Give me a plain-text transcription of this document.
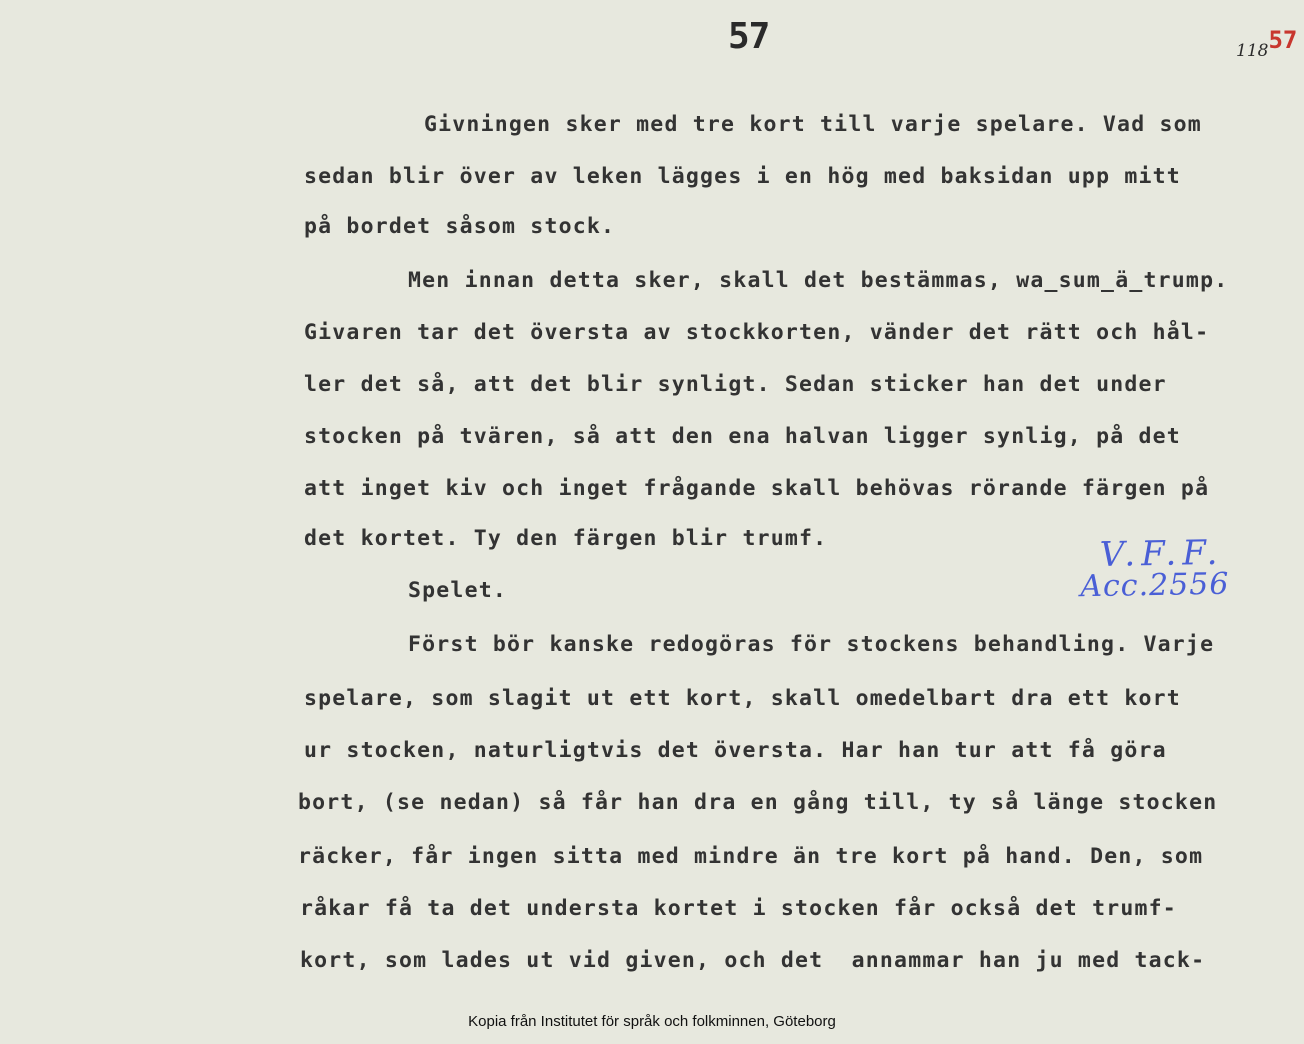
57	11857
Givningen sker med tre kort till varje spelare. Vad som
sedan blir över av leken lägges i en hög med baksidan upp mitt
på bordet såsom stock.
Men innan detta sker, skall det bestämmas, wa_sum_ä_trump.
Givaren tar det översta av stockkorten, vänder det rätt och hål-
ler det så, att det blir synligt. Sedan sticker han det under
stocken på tvären, så att den ena halvan ligger synlig, på det
att inget kiv och inget frågande skall behövas rörande färgen på
det kortet. Ty den färgen blir trumf.
Spelet.
Först bör kanske redogöras för stockens behandling. Varje
spelare, som slagit ut ett kort, skall omedelbart dra ett kort
ur stocken, naturligtvis det översta. Har han tur att få göra
bort, (se nedan) så får han dra en gång till, ty så länge stocken
räcker, får ingen sitta med mindre än tre kort på hand. Den, som
råkar få ta det understa kortet i stocken får också det trumf-
kort, som lades ut vid given, och det  annammar han ju med tack-
V.F.F.
Acc.2556
Kopia från Institutet för språk och folkminnen, Göteborg
